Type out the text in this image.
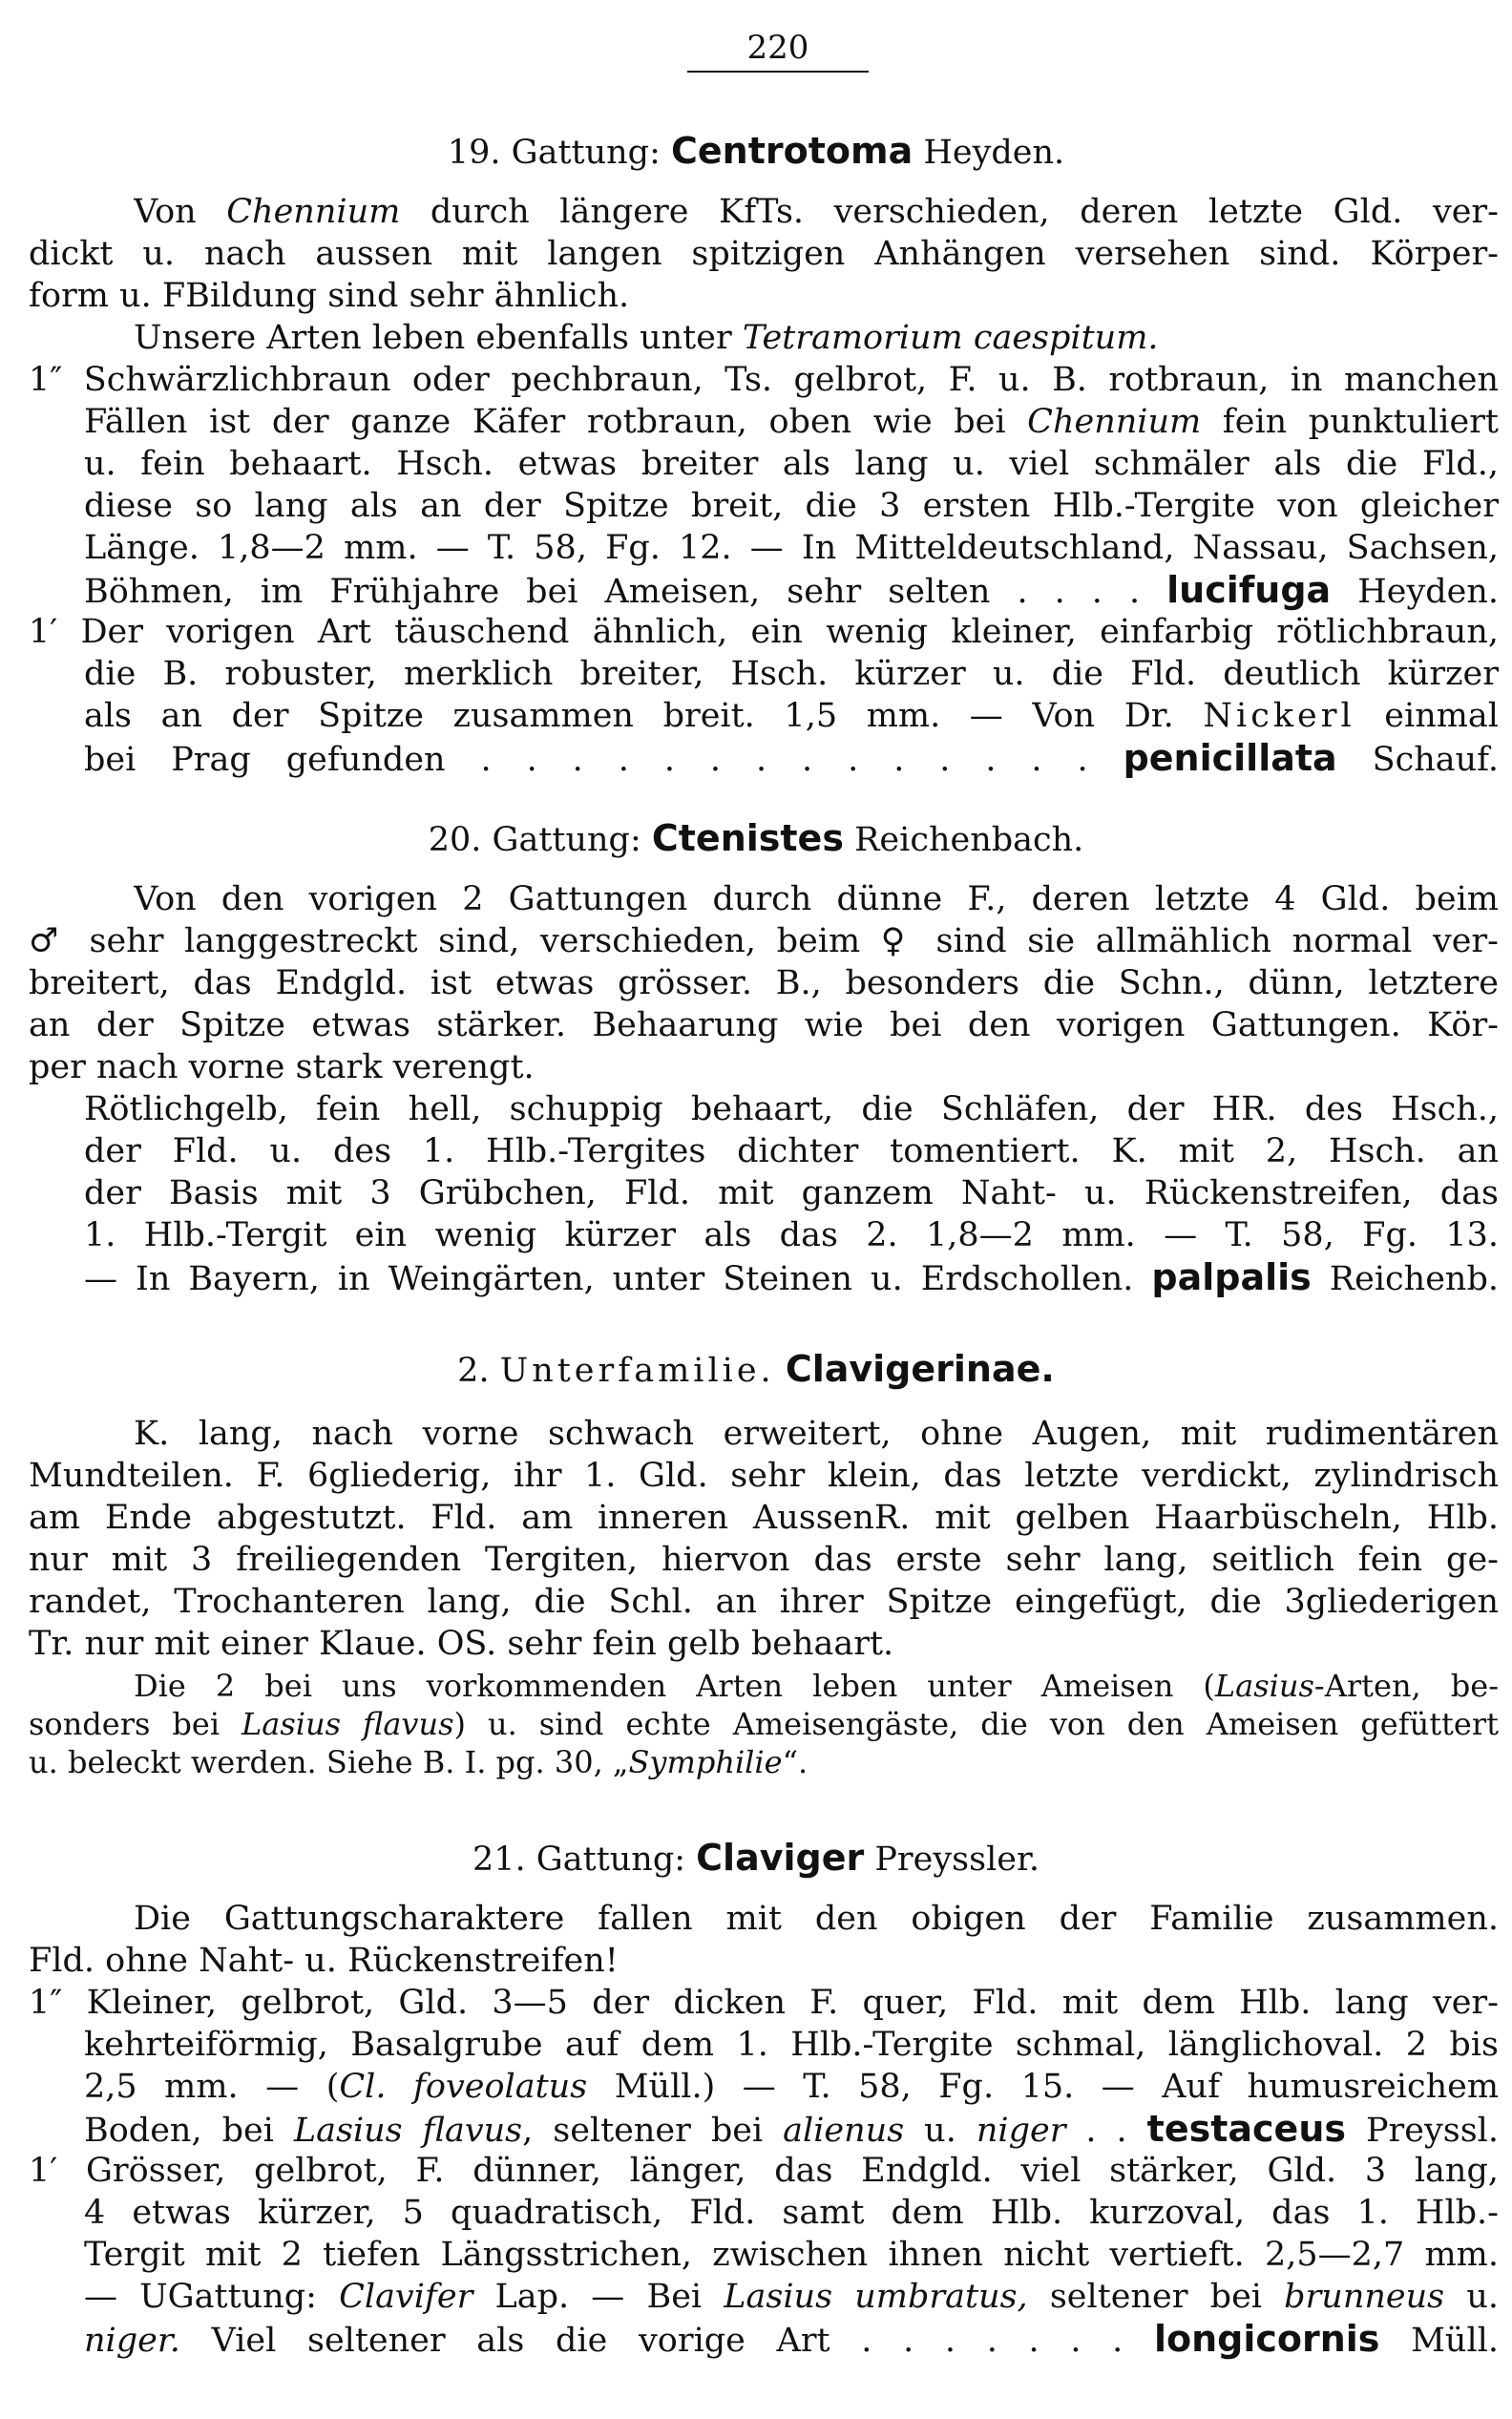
220
19. Gattung: Centrotoma Heyden.
Von Chennium durch längere KfTs. verschieden, deren letzte Gld. ver-
dickt u. nach aussen mit langen spitzigen Anhängen versehen sind. Körper-
form u. FBildung sind sehr ähnlich.
Unsere Arten leben ebenfalls unter Tetramorium caespitum.
1″ Schwärzlichbraun oder pechbraun, Ts. gelbrot, F. u. B. rotbraun, in manchen
Fällen ist der ganze Käfer rotbraun, oben wie bei Chennium fein punktuliert
u. fein behaart. Hsch. etwas breiter als lang u. viel schmäler als die Fld.,
diese so lang als an der Spitze breit, die 3 ersten Hlb.-Tergite von gleicher
Länge. 1,8—2 mm. — T. 58, Fg. 12. — In Mitteldeutschland, Nassau, Sachsen,
Böhmen, im Frühjahre bei Ameisen, sehr selten . . . . lucifuga Heyden.
1′ Der vorigen Art täuschend ähnlich, ein wenig kleiner, einfarbig rötlichbraun,
die B. robuster, merklich breiter, Hsch. kürzer u. die Fld. deutlich kürzer
als an der Spitze zusammen breit. 1,5 mm. — Von Dr. Nickerl einmal
bei Prag gefunden . . . . . . . . . . . . . . penicillata Schauf.
20. Gattung: Ctenistes Reichenbach.
Von den vorigen 2 Gattungen durch dünne F., deren letzte 4 Gld. beim
♂ sehr langgestreckt sind, verschieden, beim ♀ sind sie allmählich normal ver-
breitert, das Endgld. ist etwas grösser. B., besonders die Schn., dünn, letztere
an der Spitze etwas stärker. Behaarung wie bei den vorigen Gattungen. Kör-
per nach vorne stark verengt.
Rötlichgelb, fein hell, schuppig behaart, die Schläfen, der HR. des Hsch.,
der Fld. u. des 1. Hlb.-Tergites dichter tomentiert. K. mit 2, Hsch. an
der Basis mit 3 Grübchen, Fld. mit ganzem Naht- u. Rückenstreifen, das
1. Hlb.-Tergit ein wenig kürzer als das 2. 1,8—2 mm. — T. 58, Fg. 13.
— In Bayern, in Weingärten, unter Steinen u. Erdschollen. palpalis Reichenb.
2. Unterfamilie. Clavigerinae.
K. lang, nach vorne schwach erweitert, ohne Augen, mit rudimentären
Mundteilen. F. 6gliederig, ihr 1. Gld. sehr klein, das letzte verdickt, zylindrisch
am Ende abgestutzt. Fld. am inneren AussenR. mit gelben Haarbüscheln, Hlb.
nur mit 3 freiliegenden Tergiten, hiervon das erste sehr lang, seitlich fein ge-
randet, Trochanteren lang, die Schl. an ihrer Spitze eingefügt, die 3gliederigen
Tr. nur mit einer Klaue. OS. sehr fein gelb behaart.
Die 2 bei uns vorkommenden Arten leben unter Ameisen (Lasius-Arten, be-
sonders bei Lasius flavus) u. sind echte Ameisengäste, die von den Ameisen gefüttert
u. beleckt werden. Siehe B. I. pg. 30, „Symphilie“.
21. Gattung: Claviger Preyssler.
Die Gattungscharaktere fallen mit den obigen der Familie zusammen.
Fld. ohne Naht- u. Rückenstreifen!
1″ Kleiner, gelbrot, Gld. 3—5 der dicken F. quer, Fld. mit dem Hlb. lang ver-
kehrteiförmig, Basalgrube auf dem 1. Hlb.-Tergite schmal, länglichoval. 2 bis
2,5 mm. — (Cl. foveolatus Müll.) — T. 58, Fg. 15. — Auf humusreichem
Boden, bei Lasius flavus, seltener bei alienus u. niger . . testaceus Preyssl.
1′ Grösser, gelbrot, F. dünner, länger, das Endgld. viel stärker, Gld. 3 lang,
4 etwas kürzer, 5 quadratisch, Fld. samt dem Hlb. kurzoval, das 1. Hlb.-
Tergit mit 2 tiefen Längsstrichen, zwischen ihnen nicht vertieft. 2,5—2,7 mm.
— UGattung: Clavifer Lap. — Bei Lasius umbratus, seltener bei brunneus u.
niger. Viel seltener als die vorige Art . . . . . . . longicornis Müll.
